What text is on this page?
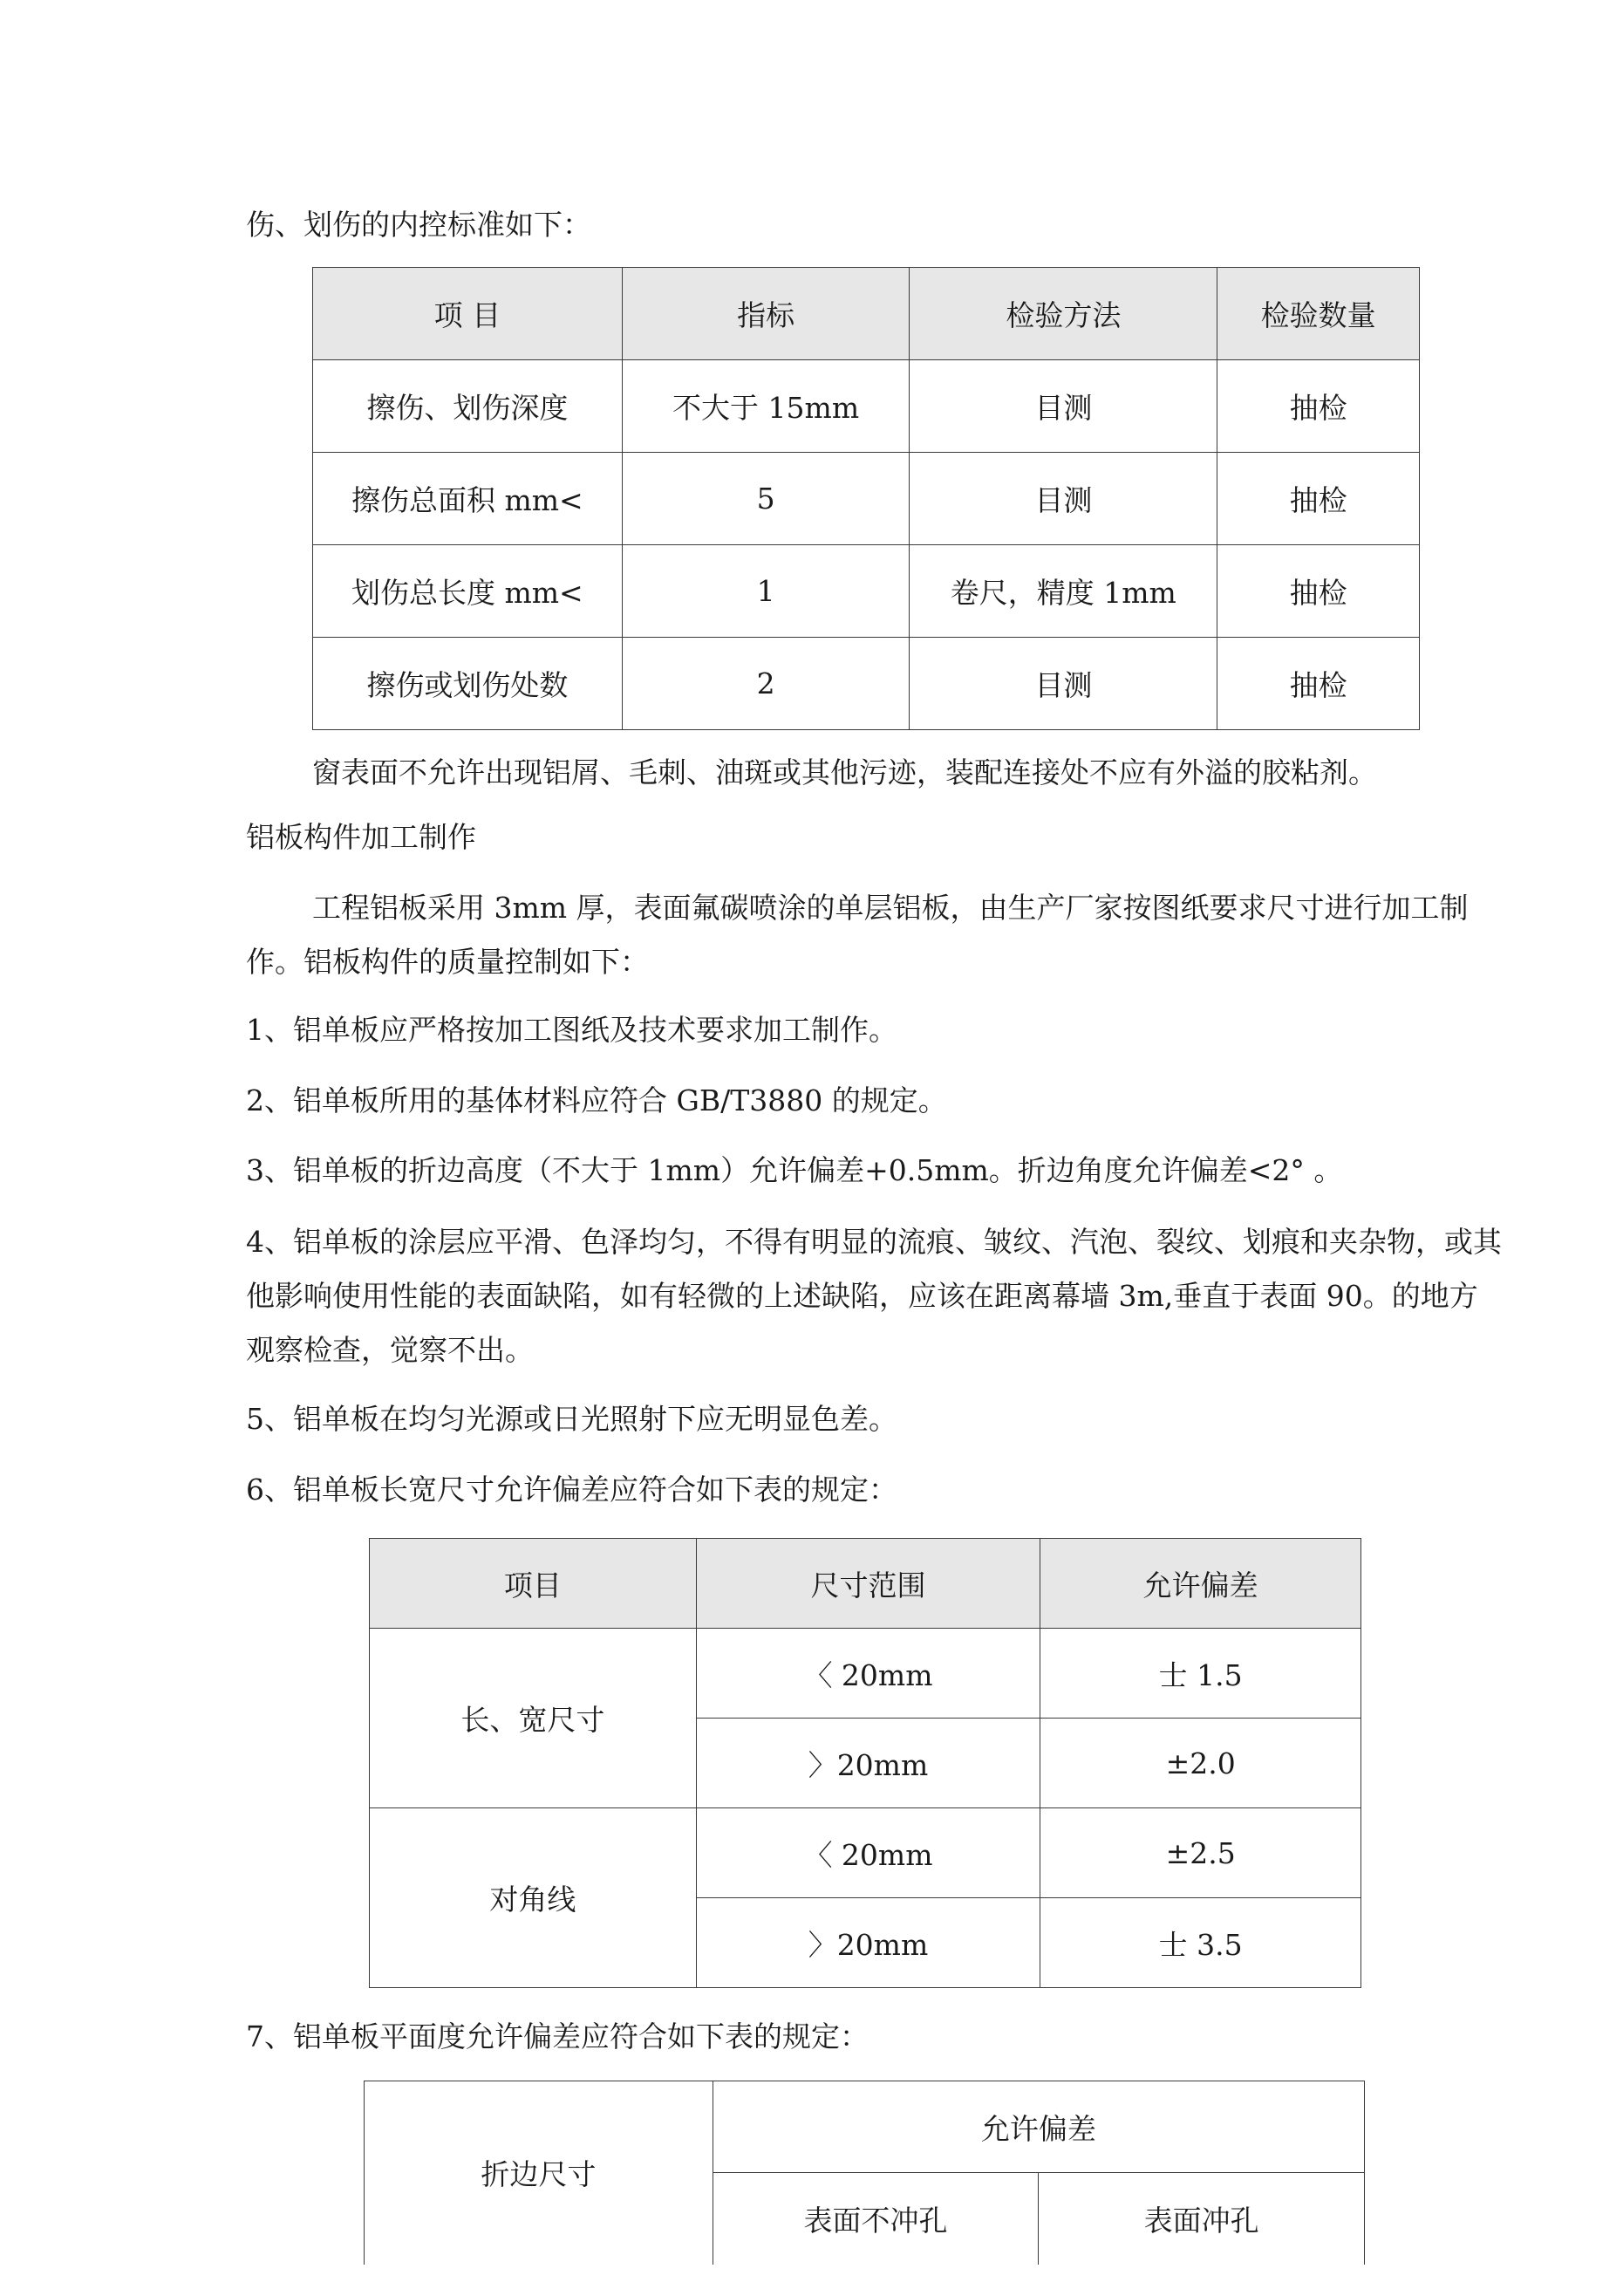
伤、划伤的内控标准如下：
项 目	指标	检验方法	检验数量
擦伤、划伤深度	不大于 15mm	目测	抽检
擦伤总面积 mm<	5	目测	抽检
划伤总长度 mm<	1	卷尺，精度 1mm	抽检
擦伤或划伤处数	2	目测	抽检
窗表面不允许出现铝屑、毛刺、油斑或其他污迹，装配连接处不应有外溢的胶粘剂。
铝板构件加工制作
工程铝板采用 3mm 厚，表面氟碳喷涂的单层铝板，由生产厂家按图纸要求尺寸进行加工制作。铝板构件的质量控制如下：
1、铝单板应严格按加工图纸及技术要求加工制作。
2、铝单板所用的基体材料应符合 GB/T3880 的规定。
3、铝单板的折边高度（不大于 1mm）允许偏差+0.5mm。折边角度允许偏差<2° 。
4、铝单板的涂层应平滑、色泽均匀，不得有明显的流痕、皱纹、汽泡、裂纹、划痕和夹杂物，或其他影响使用性能的表面缺陷，如有轻微的上述缺陷，应该在距离幕墙 3m,垂直于表面 90。的地方观察检查，觉察不出。
5、铝单板在均匀光源或日光照射下应无明显色差。
6、铝单板长宽尺寸允许偏差应符合如下表的规定：
项目	尺寸范围	允许偏差
长、宽尺寸	〈 20mm	士 1.5
	〉20mm	±2.0
对角线	〈 20mm	±2.5
	〉20mm	士 3.5
7、铝单板平面度允许偏差应符合如下表的规定：
折边尺寸	允许偏差	
	表面不冲孔	表面冲孔
